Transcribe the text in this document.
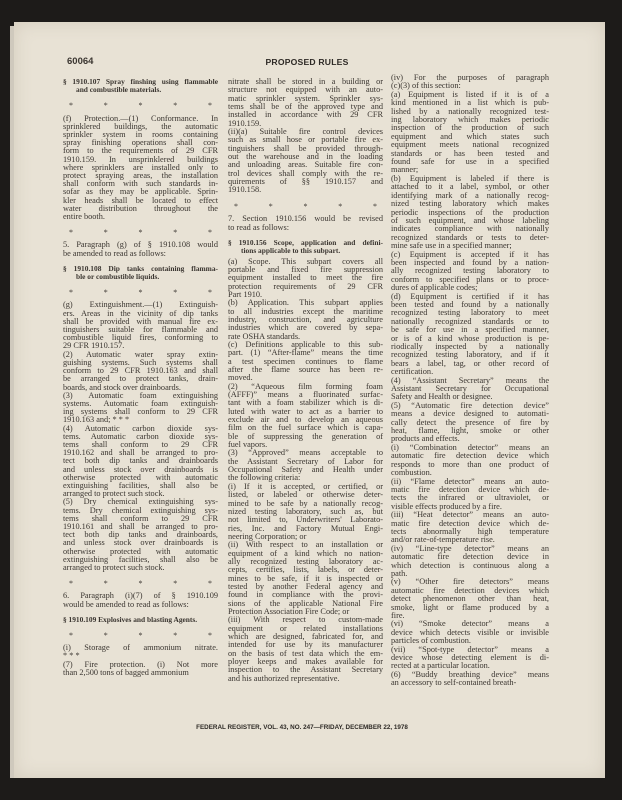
60064	PROPOSED RULES
§ 1910.107 Spray finshing using flammable
and combustible materials.
* * * * *
(f) Protection.—(1) Conformance. In
sprinklered buildings, the automatic
sprinkler system in rooms containing
spray finishing operations shall con-
form to the requirements of 29 CFR
1910.159. In unsprinklered buildings
where sprinklers are installed only to
protect spraying areas, the installation
shall conform with such standards in-
sofar as they may be applicable. Sprin-
kler heads shall be located to effect
water distribution throughout the
entire booth.
* * * * *
5. Paragraph (g) of § 1910.108 would
be amended to read as follows:
§ 1910.108 Dip tanks containing flamma-
ble or combustible liquids.
* * * * *
(g) Extinguishment.—(1) Extinguish-
ers. Areas in the vicinity of dip tanks
shall be provided with manual fire ex-
tinguishers suitable for flammable and
combustible liquid fires, conforming to
29 CFR 1910.157.
(2) Automatic water spray extin-
guishing systems. Such systems shall
conform to 29 CFR 1910.163 and shall
be arranged to protect tanks, drain-
boards, and stock over drainboards.
(3) Automatic foam extinguishing
systems. Automatic foam extinguish-
ing systems shall conform to 29 CFR
1910.163 and; * * *
(4) Automatic carbon dioxide sys-
tems. Automatic carbon dioxide sys-
tems shall conform to 29 CFR
1910.162 and shall be arranged to pro-
tect both dip tanks and drainboards
and unless stock over drainboards is
otherwise protected with automatic
extinguishing facilities, shall also be
arranged to protect such stock.
(5) Dry chemical extinguishing sys-
tems. Dry chemical extinguishing sys-
tems shall conform to 29 CFR
1910.161 and shall be arranged to pro-
tect both dip tanks and drainboards,
and unless stock over drainboards is
otherwise protected with automatic
extinguishing facilities, shall also be
arranged to protect such stock.
* * * * *
6. Paragraph (i)(7) of § 1910.109
would be amended to read as follows:
§ 1910.109 Explosives and blasting Agents.
* * * * *
(i) Storage of ammonium nitrate.
* * *
(7) Fire protection. (i) Not more
than 2,500 tons of bagged ammonium
nitrate shall be stored in a building or
structure not equipped with an auto-
matic sprinkler system. Sprinkler sys-
tems shall be of the approved type and
installed in accordance with 29 CFR
1910.159.
(ii)(a) Suitable fire control devices
such as small hose or portable fire ex-
tinguishers shall be provided through-
out the warehouse and in the loading
and unloading areas. Suitable fire con-
trol devices shall comply with the re-
quirements of §§ 1910.157 and
1910.158.
* * * * *
7. Section 1910.156 would be revised
to read as follows:
§ 1910.156 Scope, application and defini-
tions applicable to this subpart.
(a) Scope. This subpart covers all
portable and fixed fire suppression
equipment installed to meet the fire
protection requirements of 29 CFR
Part 1910.
(b) Application. This subpart applies
to all industries except the maritime
industry, construction, and agriculture
industries which are covered by sepa-
rate OSHA standards.
(c) Definitions applicable to this sub-
part. (1) “After-flame” means the time
a test specimen continues to flame
after the flame source has been re-
moved.
(2) “Aqueous film forming foam
(AFFF)” means a fluorinated surfac-
tant with a foam stabilizer which is di-
luted with water to act as a barrier to
exclude air and to develop an aqueous
film on the fuel surface which is capa-
ble of suppressing the generation of
fuel vapors.
(3) “Approved” means acceptable to
the Assistant Secretary of Labor for
Occupational Safety and Health under
the following criteria:
(i) If it is accepted, or certified, or
listed, or labeled or otherwise deter-
mined to be safe by a nationally recog-
nized testing laboratory, such as, but
not limited to, Underwriters' Laborato-
ries, Inc. and Factory Mutual Engi-
neering Corporation; or
(ii) With respect to an installation or
equipment of a kind which no nation-
ally recognized testing laboratory ac-
cepts, certifies, lists, labels, or deter-
mines to be safe, if it is inspected or
tested by another Federal agency and
found in compliance with the provi-
sions of the applicable National Fire
Protection Association Fire Code; or
(iii) With respect to custom-made
equipment or related installations
which are designed, fabricated for, and
intended for use by its manufacturer
on the basis of test data which the em-
ployer keeps and makes available for
inspection to the Assistant Secretary
and his authorized representative.
(iv) For the purposes of paragraph
(c)(3) of this section:
(a) Equipment is listed if it is of a
kind mentioned in a list which is pub-
lished by a nationally recognized test-
ing laboratory which makes periodic
inspection of the production of such
equipment and which states such
equipment meets national recognized
standards or has been tested and
found safe for use in a specified
manner;
(b) Equipment is labeled if there is
attached to it a label, symbol, or other
identifying mark of a nationally recog-
nized testing laboratory which makes
periodic inspections of the production
of such equipment, and whose labeling
indicates compliance with nationally
recognized standards or tests to deter-
mine safe use in a specified manner;
(c) Equipment is accepted if it has
been inspected and found by a nation-
ally recognized testing laboratory to
conform to specified plans or to proce-
dures of applicable codes;
(d) Equipment is certified if it has
been tested and found by a nationally
recognized testing laboratory to meet
nationally recognized standards or to
be safe for use in a specified manner,
or is of a kind whose production is pe-
riodically inspected by a nationally
recognized testing laboratory, and if it
bears a label, tag, or other record of
certification.
(4) “Assistant Secretary” means the
Assistant Secretary for Occupational
Safety and Health or designee.
(5) “Automatic fire detection device”
means a device designed to automati-
cally detect the presence of fire by
heat, flame, light, smoke or other
products and effects.
(i) “Combination detector” means an
automatic fire detection device which
responds to more than one product of
combustion.
(ii) “Flame detector” means an auto-
matic fire detection device which de-
tects the infrared or ultraviolet, or
visible effects produced by a fire.
(iii) “Heat detector” means an auto-
matic fire detection device which de-
tects abnormally high temperature
and/or rate-of-temperature rise.
(iv) “Line-type detector” means an
automatic fire detection device in
which detection is continuous along a
path.
(v) “Other fire detectors” means
automatic fire detection devices which
detect phenomenon other than heat,
smoke, light or flame produced by a
fire.
(vi) “Smoke detector” means a
device which detects visible or invisible
particles of combustion.
(vii) “Spot-type detector” means a
device whose detecting element is di-
rected at a particular location.
(6) “Buddy breathing device” means
an accessory to self-contained breath-
FEDERAL REGISTER, VOL. 43, NO. 247—FRIDAY, DECEMBER 22, 1978
